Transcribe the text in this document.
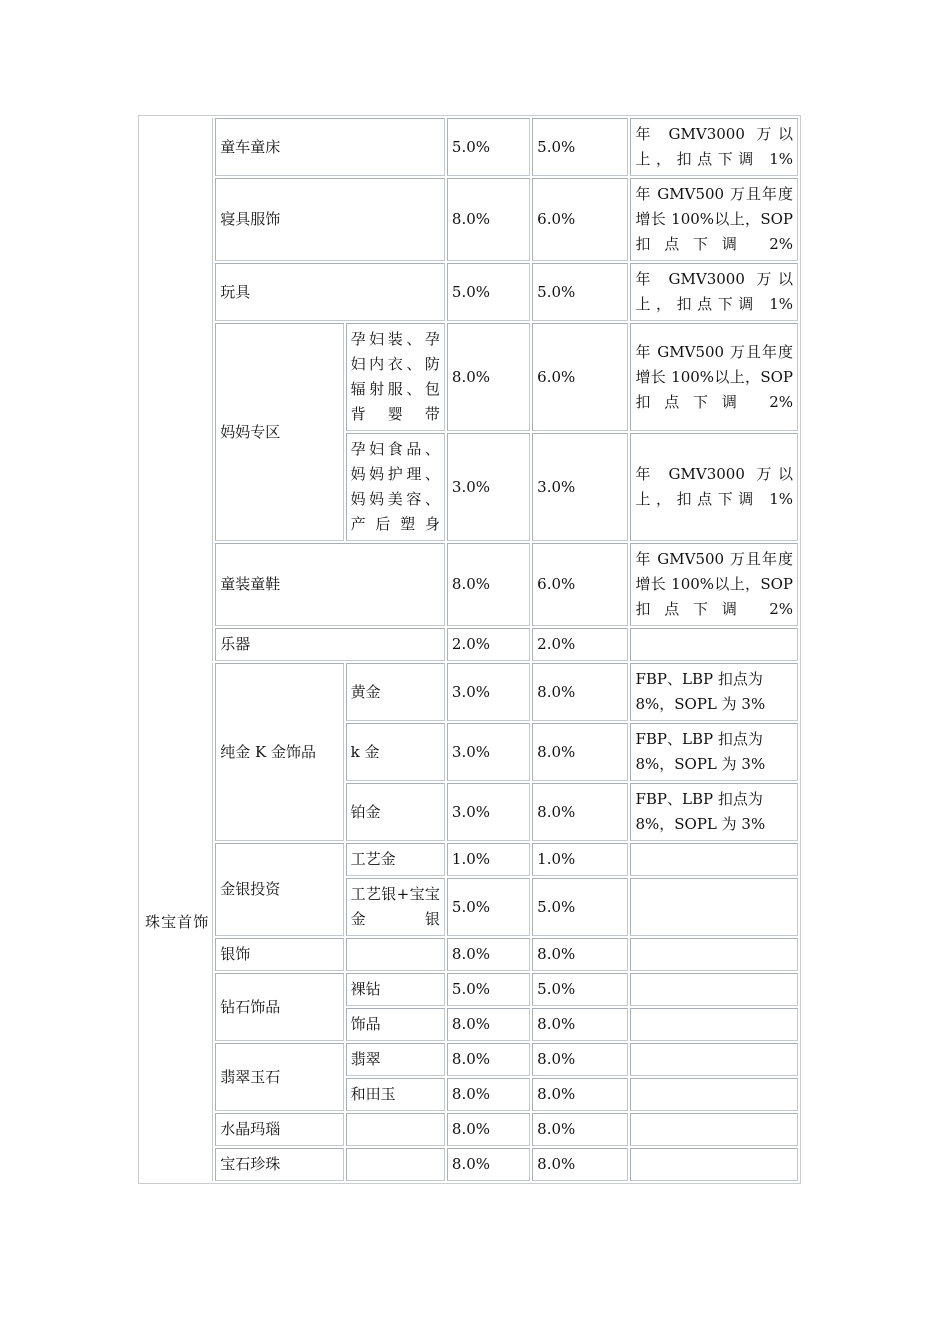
	童车童床		5.0%	5.0%	年 GMV3000 万以上，扣点下调 1%
	寝具服饰		8.0%	6.0%	年 GMV500 万且年度增长 100%以上，SOP 扣点下调 2%
	玩具		5.0%	5.0%	年 GMV3000 万以上，扣点下调 1%
	妈妈专区	孕妇装、孕妇内衣、防辐射服、包背婴带	8.0%	6.0%	年 GMV500 万且年度增长 100%以上，SOP 扣点下调 2%
		孕妇食品、妈妈护理、妈妈美容、产后塑身	3.0%	3.0%	年 GMV3000 万以上，扣点下调 1%
	童装童鞋		8.0%	6.0%	年 GMV500 万且年度增长 100%以上，SOP 扣点下调 2%
	乐器		2.0%	2.0%	
珠宝首饰	纯金 K 金饰品	黄金	3.0%	8.0%	FBP、LBP 扣点为 8%，SOPL 为 3%
		k 金	3.0%	8.0%	FBP、LBP 扣点为 8%，SOPL 为 3%
		铂金	3.0%	8.0%	FBP、LBP 扣点为 8%，SOPL 为 3%
	金银投资	工艺金	1.0%	1.0%	
		工艺银+宝宝金银	5.0%	5.0%	
	银饰		8.0%	8.0%	
	钻石饰品	裸钻	5.0%	5.0%	
		饰品	8.0%	8.0%	
	翡翠玉石	翡翠	8.0%	8.0%	
		和田玉	8.0%	8.0%	
	水晶玛瑙		8.0%	8.0%	
	宝石珍珠		8.0%	8.0%	
